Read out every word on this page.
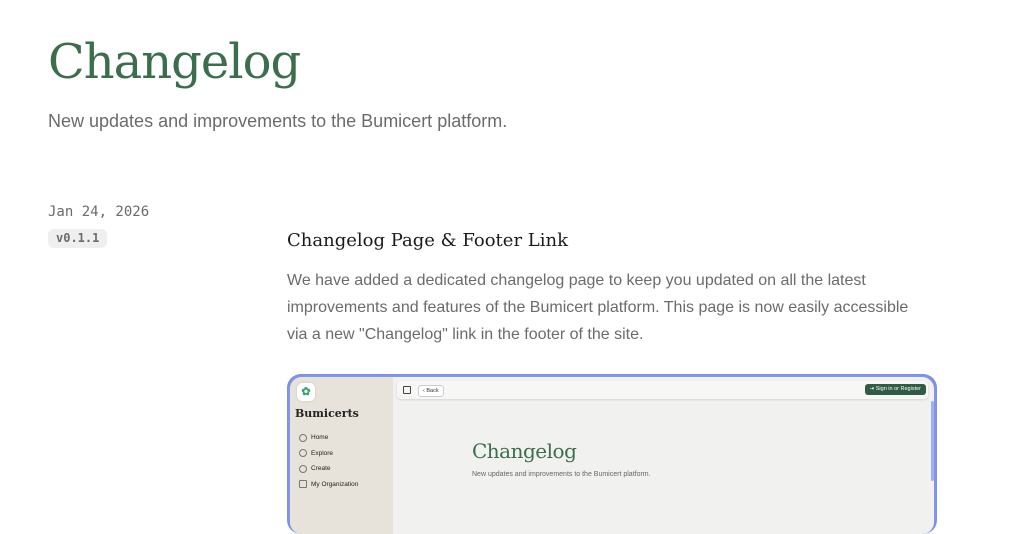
Changelog

New updates and improvements to the Bumicert platform.

Jan 24, 2026
v0.1.1	Changelog Page & Footer Link

We have added a dedicated changelog page to keep you updated on all the latest improvements and features of the Bumicert platform. This page is now easily accessible via a new "Changelog" link in the footer of the site.

✿
Bumicerts
Home
Explore
Create
My Organization
‹ Back	⇥ Sign in or Register
Changelog
New updates and improvements to the Bumicert platform.
